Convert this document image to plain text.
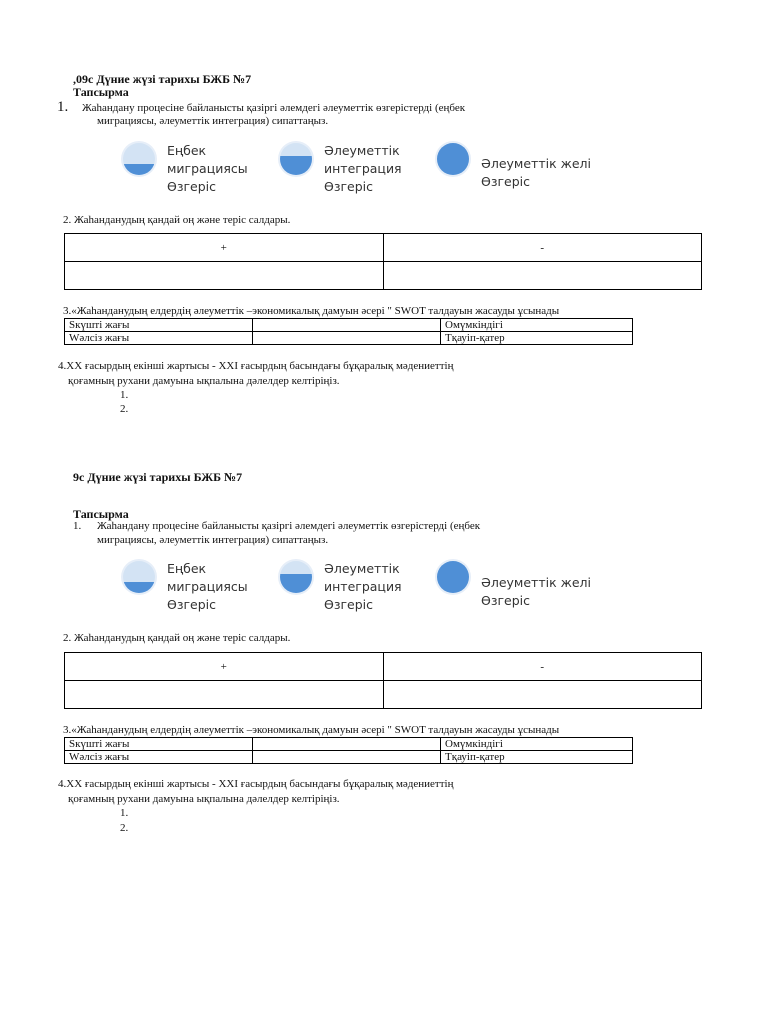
,09с Дүние жүзі тарихы БЖБ №7
Тапсырма
1. Жаһандану процесіне байланысты қазіргі әлемдегі әлеуметтік өзгерістерді (еңбек
миграциясы, әлеуметтік интеграция) сипаттаңыз.
Еңбек
миграциясы
Өзгеріс
Әлеуметтік
интеграция
Өзгеріс
Әлеуметтік желі
Өзгеріс
2. Жаһанданудың қандай оң және теріс салдары.
+	-

3.«Жаһанданудың елдердің әлеуметтік –экономикалық дамуын әсері " SWOT талдауын жасауды ұсынады
Sкүшті жағы		Омүмкіндігі
Wәлсіз жағы		Тқауіп-қатер
4.ХХ ғасырдың екінші жартысы - ХХІ ғасырдың басындағы бұқаралық мәдениеттің
қоғамның рухани дамуына ықпалына дәлелдер келтіріңіз.
1.
2.
9с Дүние жүзі тарихы БЖБ №7
Тапсырма
1. Жаһандану процесіне байланысты қазіргі әлемдегі әлеуметтік өзгерістерді (еңбек
миграциясы, әлеуметтік интеграция) сипаттаңыз.
Еңбек
миграциясы
Өзгеріс
Әлеуметтік
интеграция
Өзгеріс
Әлеуметтік желі
Өзгеріс
2. Жаһанданудың қандай оң және теріс салдары.
+	-

3.«Жаһанданудың елдердің әлеуметтік –экономикалық дамуын әсері " SWOT талдауын жасауды ұсынады
Sкүшті жағы		Омүмкіндігі
Wәлсіз жағы		Тқауіп-қатер
4.ХХ ғасырдың екінші жартысы - ХХІ ғасырдың басындағы бұқаралық мәдениеттің
қоғамның рухани дамуына ықпалына дәлелдер келтіріңіз.
1.
2.
